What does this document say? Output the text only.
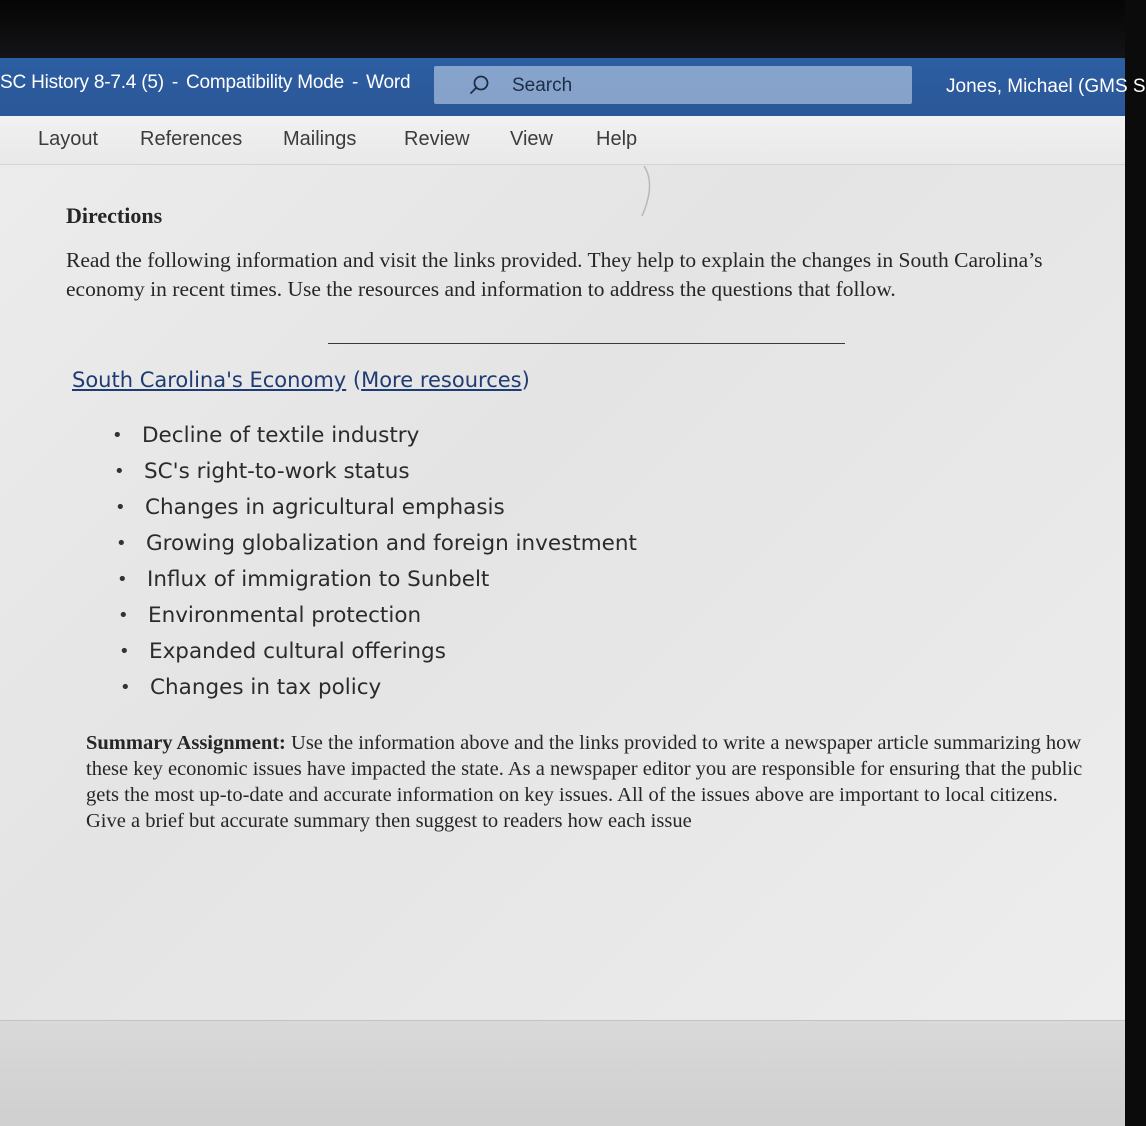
SC History 8-7.4 (5) - Compatibility Mode - Word	Search	Jones, Michael (GMS S
Layout References Mailings Review View Help
Directions
Read the following information and visit the links provided. They help to explain the changes in South Carolina’s economy in recent times. Use the resources and information to address the questions that follow.
South Carolina's Economy (More resources)
• Decline of textile industry
• SC's right-to-work status
• Changes in agricultural emphasis
• Growing globalization and foreign investment
• Influx of immigration to Sunbelt
• Environmental protection
• Expanded cultural offerings
• Changes in tax policy
Summary Assignment: Use the information above and the links provided to write a newspaper article summarizing how these key economic issues have impacted the state. As a newspaper editor you are responsible for ensuring that the public gets the most up-to-date and accurate information on key issues. All of the issues above are important to local citizens. Give a brief but accurate summary then suggest to readers how each issue
